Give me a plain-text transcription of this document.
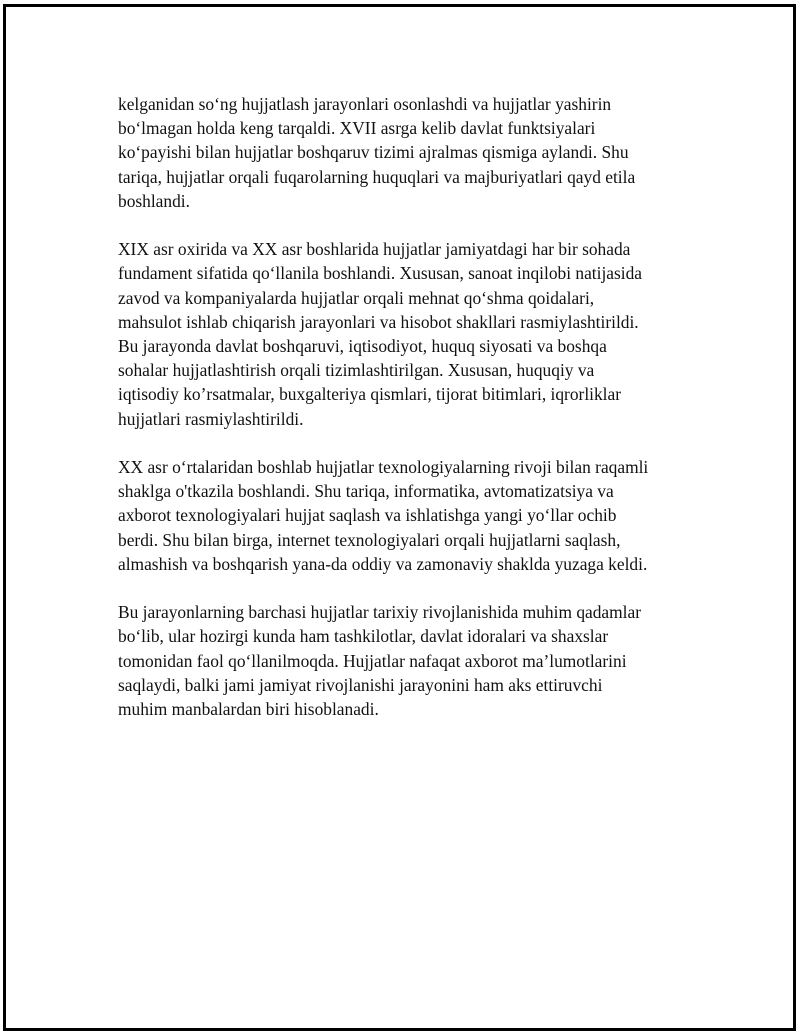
kelganidan so‘ng hujjatlash jarayonlari osonlashdi va hujjatlar yashirin
bo‘lmagan holda keng tarqaldi. XVII asrga kelib davlat funktsiyalari
ko‘payishi bilan hujjatlar boshqaruv tizimi ajralmas qismiga aylandi. Shu
tariqa, hujjatlar orqali fuqarolarning huquqlari va majburiyatlari qayd etila
boshlandi.

XIX asr oxirida va XX asr boshlarida hujjatlar jamiyatdagi har bir sohada
fundament sifatida qo‘llanila boshlandi. Xususan, sanoat inqilobi natijasida
zavod va kompaniyalarda hujjatlar orqali mehnat qo‘shma qoidalari,
mahsulot ishlab chiqarish jarayonlari va hisobot shakllari rasmiylashtirildi.
Bu jarayonda davlat boshqaruvi, iqtisodiyot, huquq siyosati va boshqa
sohalar hujjatlashtirish orqali tizimlashtirilgan. Xususan, huquqiy va
iqtisodiy ko’rsatmalar, buxgalteriya qismlari, tijorat bitimlari, iqrorliklar
hujjatlari rasmiylashtirildi.

XX asr o‘rtalaridan boshlab hujjatlar texnologiyalarning rivoji bilan raqamli
shaklga o'tkazila boshlandi. Shu tariqa, informatika, avtomatizatsiya va
axborot texnologiyalari hujjat saqlash va ishlatishga yangi yo‘llar ochib
berdi. Shu bilan birga, internet texnologiyalari orqali hujjatlarni saqlash,
almashish va boshqarish yana-da oddiy va zamonaviy shaklda yuzaga keldi.

Bu jarayonlarning barchasi hujjatlar tarixiy rivojlanishida muhim qadamlar
bo‘lib, ular hozirgi kunda ham tashkilotlar, davlat idoralari va shaxslar
tomonidan faol qo‘llanilmoqda. Hujjatlar nafaqat axborot ma’lumotlarini
saqlaydi, balki jami jamiyat rivojlanishi jarayonini ham aks ettiruvchi
muhim manbalardan biri hisoblanadi.
